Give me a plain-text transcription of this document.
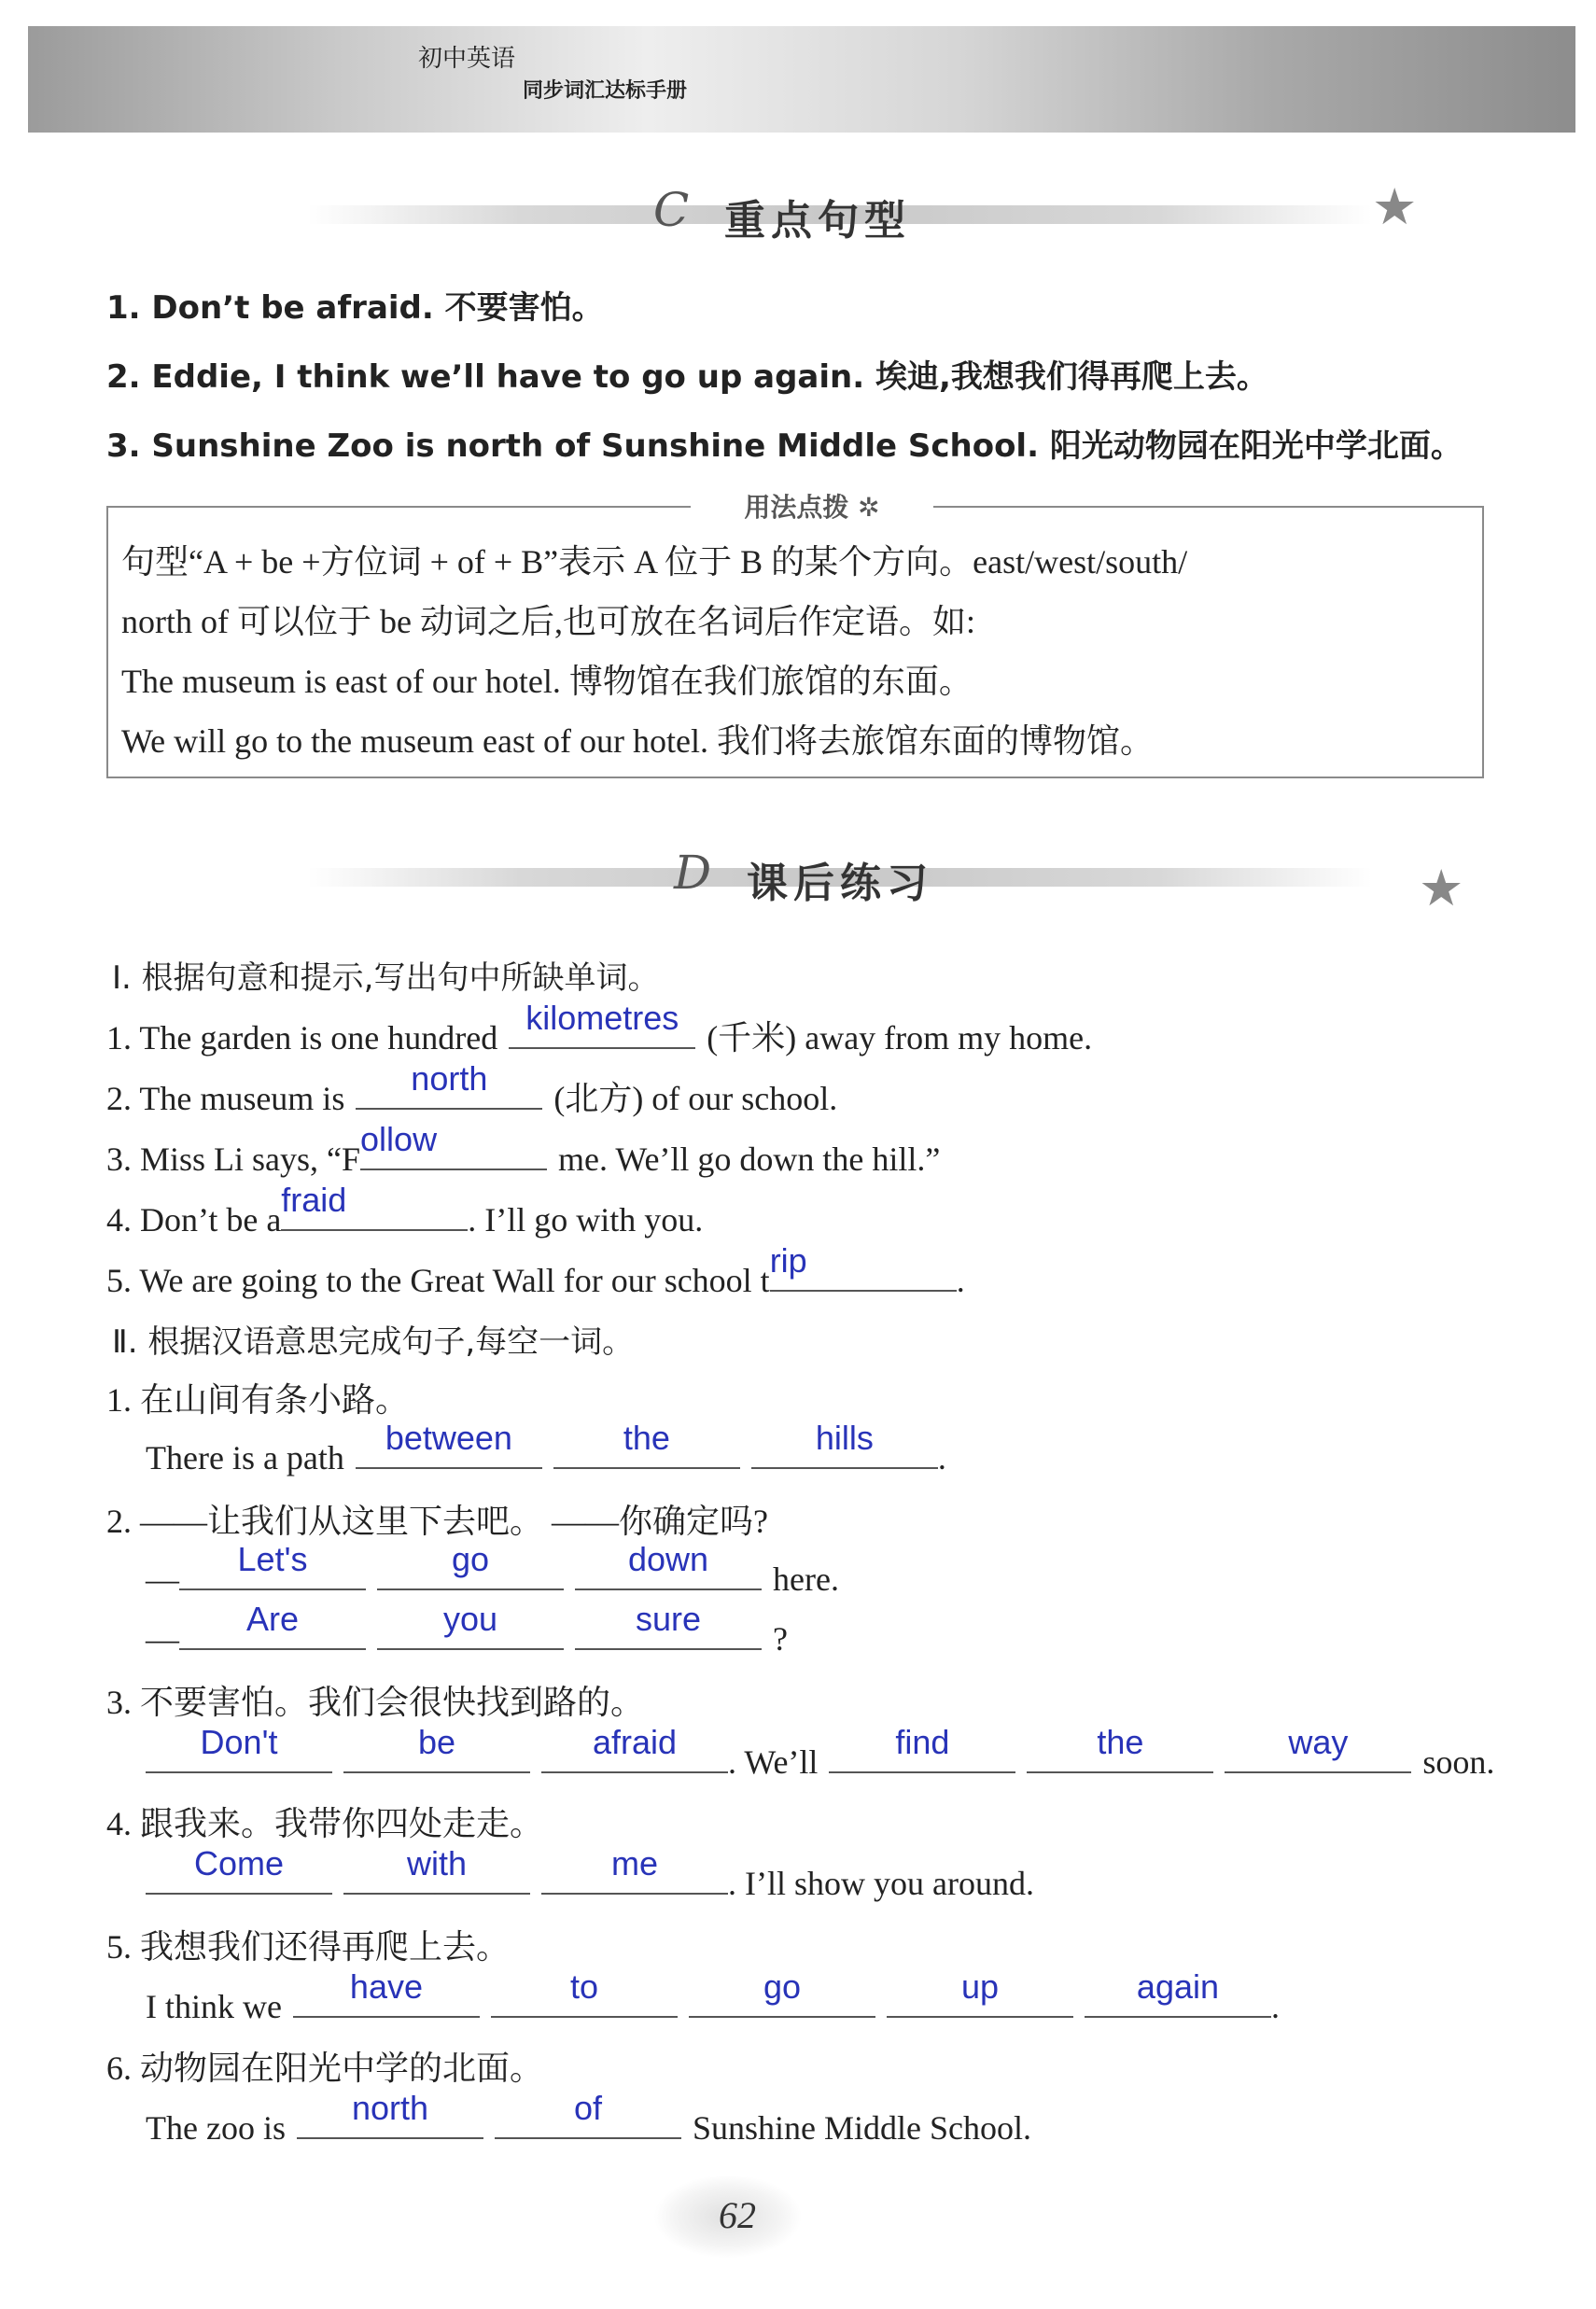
初中英语
同步词汇达标手册
C 重点句型	★
1. Don’t be afraid. 不要害怕。
2. Eddie, I think we’ll have to go up again. 埃迪,我想我们得再爬上去。
3. Sunshine Zoo is north of Sunshine Middle School. 阳光动物园在阳光中学北面。
用法点拨 ✲
句型“A + be +方位词 + of + B”表示 A 位于 B 的某个方向。east/west/south/
north of 可以位于 be 动词之后,也可放在名词后作定语。如:
The museum is east of our hotel. 博物馆在我们旅馆的东面。
We will go to the museum east of our hotel. 我们将去旅馆东面的博物馆。
D 课后练习	★
Ⅰ. 根据句意和提示,写出句中所缺单词。
1. The garden is one hundred
kilometres
(千米) away from my home.
2. The museum is
north
(北方) of our school.
3. Miss Li says, “F
ollow
me. We’ll go down the hill.”
4. Don’t be a
fraid
. I’ll go with you.
5. We are going to the Great Wall for our school t
rip
.
Ⅱ. 根据汉语意思完成句子,每空一词。
1. 在山间有条小路。
There is a path
between	the	hills
.
2. ——让我们从这里下去吧。 ——你确定吗?
—
Let's	go	down
here.
—
Are	you	sure
?
3. 不要害怕。我们会很快找到路的。
Don't	be	afraid
. We’ll
find	the	way
soon.
4. 跟我来。我带你四处走走。
Come	with	me
. I’ll show you around.
5. 我想我们还得再爬上去。
I think we
have	to	go	up	again
.
6. 动物园在阳光中学的北面。
The zoo is
north	of
Sunshine Middle School.
62
